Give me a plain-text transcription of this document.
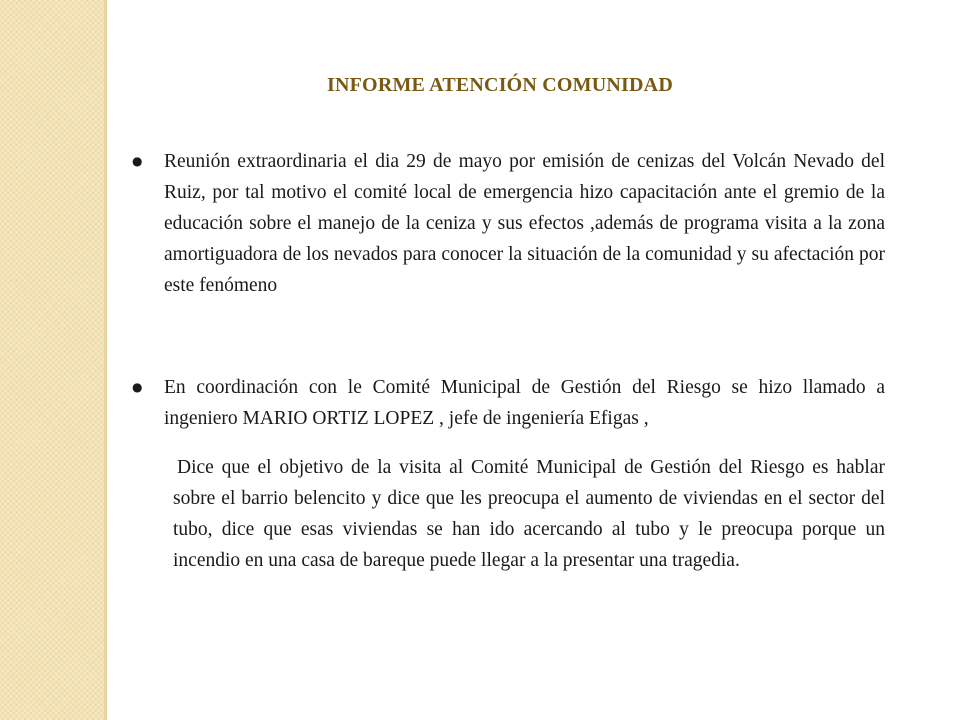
INFORME ATENCIÓN COMUNIDAD
●	Reunión extraordinaria el dia 29 de mayo por emisión de cenizas del Volcán Nevado del Ruiz, por tal motivo el comité local de emergencia hizo capacitación ante el gremio de la educación sobre el manejo de la ceniza y sus efectos ,además de programa visita a la zona amortiguadora de los nevados para conocer la situación de la comunidad y su afectación por este fenómeno
●	En coordinación con le Comité Municipal de Gestión del Riesgo se hizo llamado a ingeniero MARIO ORTIZ LOPEZ , jefe de ingeniería Efigas ,
Dice que el objetivo de la visita al Comité Municipal de Gestión del Riesgo es hablar sobre el barrio belencito y dice que les preocupa el aumento de viviendas en el sector del tubo, dice que esas viviendas se han ido acercando al tubo y le preocupa porque un incendio en una casa de bareque puede llegar a la presentar una tragedia.
